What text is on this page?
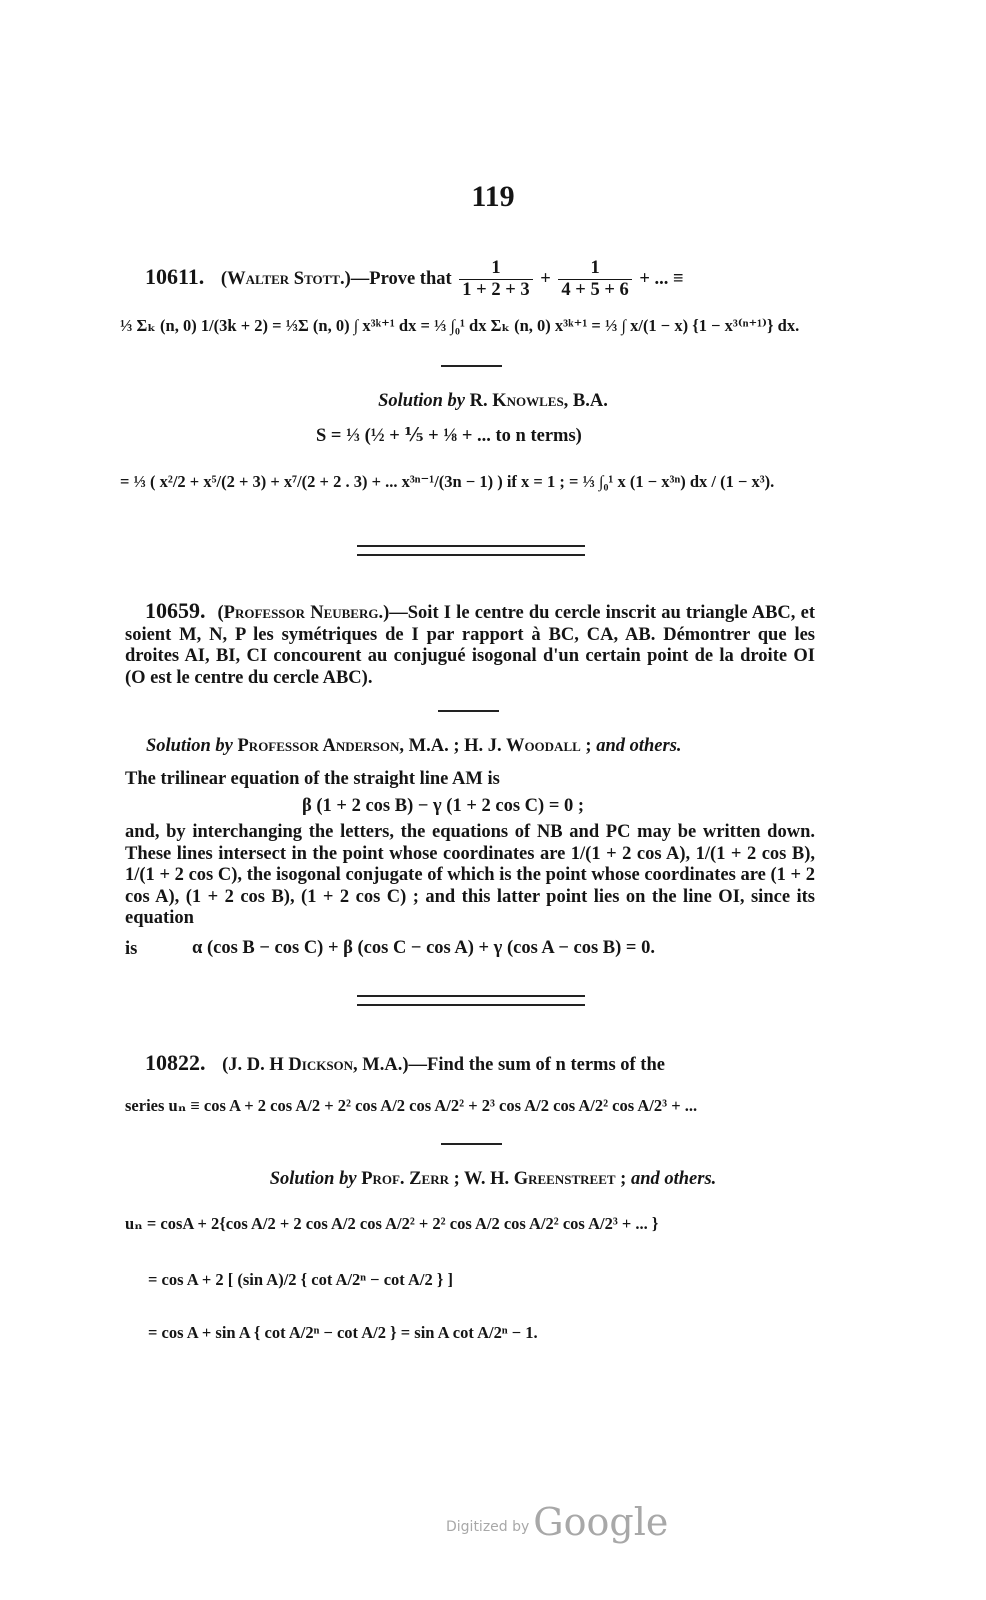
119
10611. (Walter Stott.)—Prove that $\frac{1}{1 + 2 + 3} + \frac{1}{4 + 5 + 6}$ + ... ≡
⅓ Σₖ (n, 0) 1/(3k + 2) = ⅓Σ (n, 0) ∫ x³ᵏ⁺¹ dx = ⅓ ∫₀¹ dx Σₖ (n, 0) x³ᵏ⁺¹ = ⅓ ∫ x/(1 − x) {1 − x³⁽ⁿ⁺¹⁾} dx.
Solution by R. Knowles, B.A.
S = ⅓ (½ + ⅕ + ⅛ + ... to n terms)
= ⅓ ( x²/2 + x⁵/(2 + 3) + x⁷/(2 + 2 . 3) + ... x³ⁿ⁻¹/(3n − 1) ) if x = 1 ; = ⅓ ∫₀¹ x (1 − x³ⁿ) dx / (1 − x³).
10659. (Professor Neuberg.)—Soit I le centre du cercle inscrit au triangle ABC, et soient M, N, P les symétriques de I par rapport à BC, CA, AB. Démontrer que les droites AI, BI, CI concourent au conjugué isogonal d'un certain point de la droite OI (O est le centre du cercle ABC).
Solution by Professor Anderson, M.A. ; H. J. Woodall ; and others.
The trilinear equation of the straight line AM is
β (1 + 2 cos B) − γ (1 + 2 cos C) = 0 ;
and, by interchanging the letters, the equations of NB and PC may be written down. These lines intersect in the point whose coordinates are 1/(1 + 2 cos A), 1/(1 + 2 cos B), 1/(1 + 2 cos C), the isogonal conjugate of which is the point whose coordinates are (1 + 2 cos A), (1 + 2 cos B), (1 + 2 cos C) ; and this latter point lies on the line OI, since its equation
is	α (cos B − cos C) + β (cos C − cos A) + γ (cos A − cos B) = 0.
10822. (J. D. H Dickson, M.A.)—Find the sum of n terms of the
series uₙ ≡ cos A + 2 cos A/2 + 2² cos A/2 cos A/2² + 2³ cos A/2 cos A/2² cos A/2³ + ...
Solution by Prof. Zerr ; W. H. Greenstreet ; and others.
uₙ = cosA + 2{cos A/2 + 2 cos A/2 cos A/2² + 2² cos A/2 cos A/2² cos A/2³ + ... }
= cos A + 2 [ (sin A)/2 { cot A/2ⁿ − cot A/2 } ]
= cos A + sin A { cot A/2ⁿ − cot A/2 } = sin A cot A/2ⁿ − 1.
Digitized by Google
